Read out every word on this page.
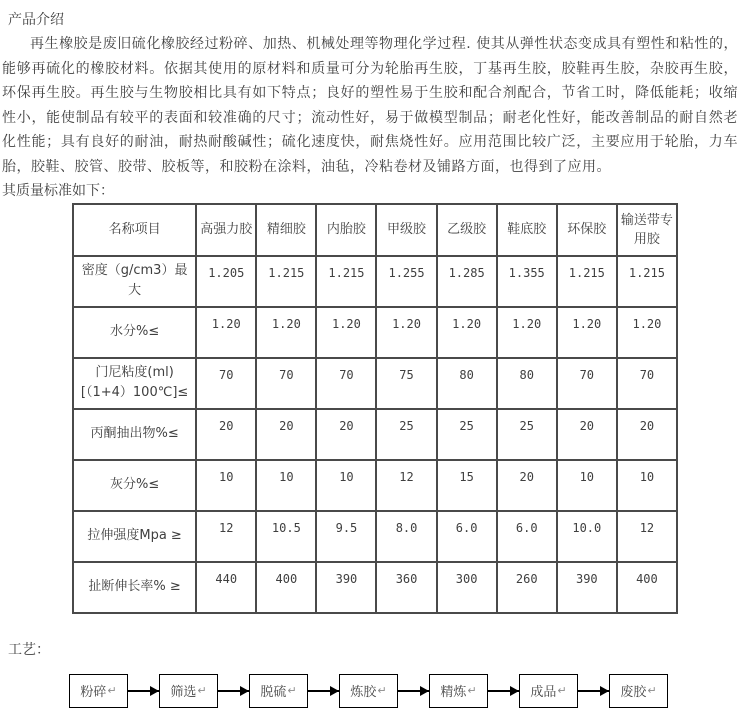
产品介绍

再生橡胶是废旧硫化橡胶经过粉碎、加热、机械处理等物理化学过程. 使其从弹性状态变成具有塑性和粘性的，能够再硫化的橡胶材料。依据其使用的原材料和质量可分为轮胎再生胶，丁基再生胶，胶鞋再生胶，杂胶再生胶，环保再生胶。再生胶与生物胶相比具有如下特点；良好的塑性易于生胶和配合剂配合，节省工时，降低能耗；收缩性小，能使制品有较平的表面和较准确的尺寸；流动性好，易于做模型制品；耐老化性好，能改善制品的耐自然老化性能；具有良好的耐油，耐热耐酸碱性；硫化速度快，耐焦烧性好。应用范围比较广泛，主要应用于轮胎，力车胎，胶鞋、胶管、胶带、胶板等，和胶粉在涂料，油毡，冷粘卷材及铺路方面，也得到了应用。

其质量标准如下：
名称项目	高强力胶	精细胶	内胎胶	甲级胶	乙级胶	鞋底胶	环保胶	输送带专用胶
密度（g/cm3）最大	1.205	1.215	1.215	1.255	1.285	1.355	1.215	1.215
水分%≤	1.20	1.20	1.20	1.20	1.20	1.20	1.20	1.20
门尼粘度(ml)[（1+4）100℃]≤	70	70	70	75	80	80	70	70
丙酮抽出物%≤	20	20	20	25	25	25	20	20
灰分%≤	10	10	10	12	15	20	10	10
拉伸强度Mpa ≥	12	10.5	9.5	8.0	6.0	6.0	10.0	12
扯断伸长率% ≥	440	400	390	360	300	260	390	400
工艺：
粉碎 ↵	筛选 ↵	脱硫 ↵	炼胶 ↵	精炼 ↵	成品 ↵	废胶 ↵
